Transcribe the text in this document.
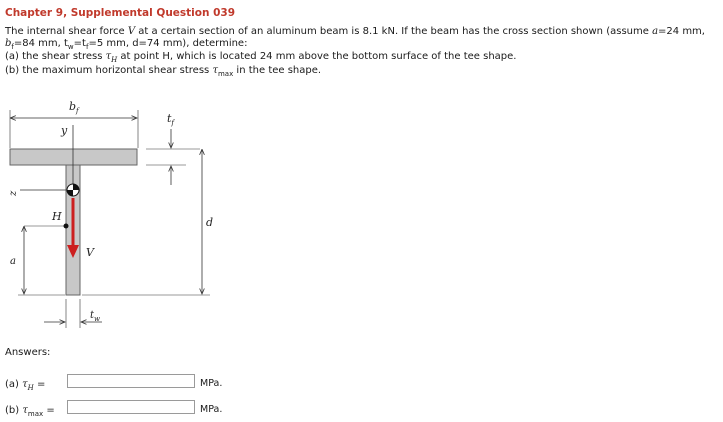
Chapter 9, Supplemental Question 039
The internal shear force V at a certain section of an aluminum beam is 8.1 kN. If the beam has the cross section shown (assume a=24 mm,
$b_f=84$ mm, $t_w=t_f=5$ mm, d=74 mm), determine:
(a) the shear stress $\tau_H$ at point H, which is located 24 mm above the bottom surface of the tee shape.
(b) the maximum horizontal shear stress $\tau_{max}$ in the tee shape.
$b_f$
y
$t_f$
d
z
H
V
a
$t_w$
Answers:
(a) $\tau_H$ =	MPa.
(b) $\tau_{max}$ =	MPa.
